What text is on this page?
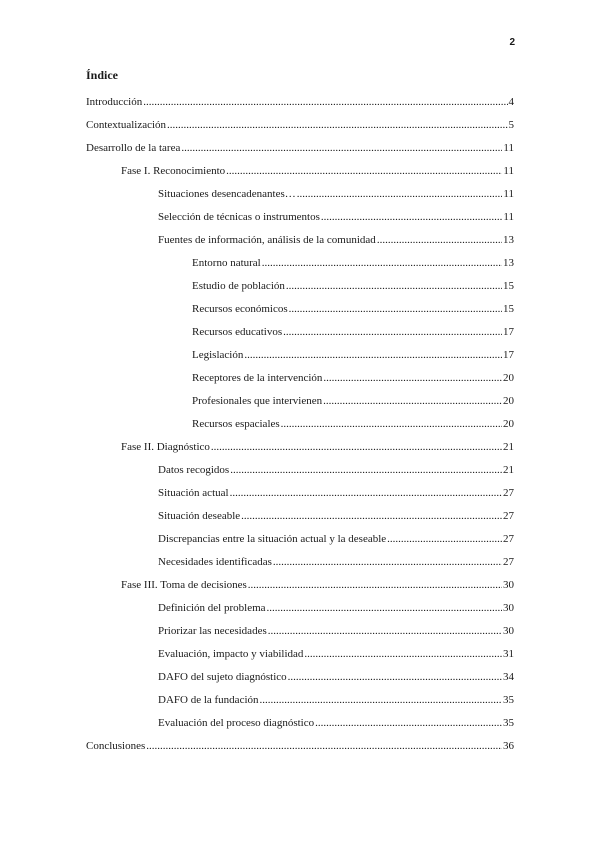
2
Índice
Introducción .....	4
Contextualización .....	5
Desarrollo de la tarea .....	11
Fase I. Reconocimiento .....	11
Situaciones desencadenantes… .....	11
Selección de técnicas o instrumentos .....	11
Fuentes de información, análisis de la comunidad .....	13
Entorno natural .....	13
Estudio de población .....	15
Recursos económicos .....	15
Recursos educativos .....	17
Legislación .....	17
Receptores de la intervención .....	20
Profesionales que intervienen .....	20
Recursos espaciales .....	20
Fase II. Diagnóstico .....	21
Datos recogidos .....	21
Situación actual .....	27
Situación deseable .....	27
Discrepancias entre la situación actual y la deseable .....	27
Necesidades identificadas .....	27
Fase III. Toma de decisiones .....	30
Definición del problema .....	30
Priorizar las necesidades .....	30
Evaluación, impacto y viabilidad .....	31
DAFO del sujeto diagnóstico .....	34
DAFO de la fundación .....	35
Evaluación del proceso diagnóstico .....	35
Conclusiones .....	36
